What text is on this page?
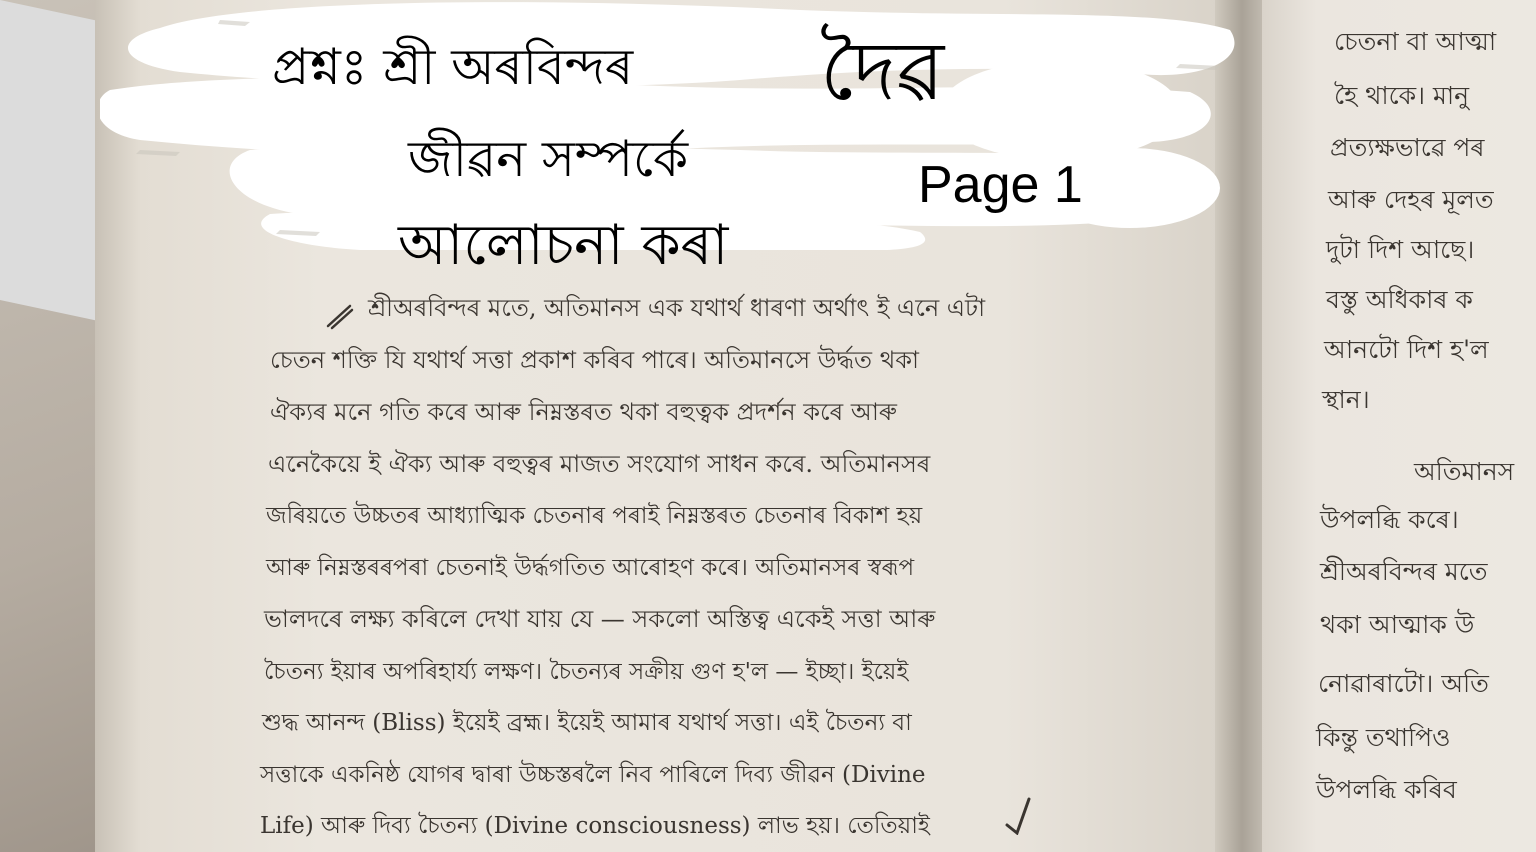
শ্ৰীঅৰবিন্দৰ মতে, অতিমানস এক যথাৰ্থ ধাৰণা অৰ্থাৎ ই এনে এটা

চেতন শক্তি যি যথাৰ্থ সত্তা প্ৰকাশ কৰিব পাৰে। অতিমানসে উৰ্দ্ধত থকা

ঐক্যৰ মনে গতি কৰে আৰু নিম্নস্তৰত থকা বহুত্বক প্ৰদৰ্শন কৰে আৰু

এনেকৈয়ে ই ঐক্য আৰু বহুত্বৰ মাজত সংযোগ সাধন কৰে. অতিমানসৰ

জৰিয়তে উচ্চতৰ আধ্যাত্মিক চেতনাৰ পৰাই নিম্নস্তৰত চেতনাৰ বিকাশ হয়

আৰু নিম্নস্তৰৰপৰা চেতনাই উৰ্দ্ধগতিত আৰোহণ কৰে। অতিমানসৰ স্বৰূপ

ভালদৰে লক্ষ্য কৰিলে দেখা যায় যে — সকলো অস্তিত্ব একেই সত্তা আৰু

চৈতন্য ইয়াৰ অপৰিহাৰ্য্য লক্ষণ। চৈতন্যৰ সক্ৰীয় গুণ হ'ল — ইচ্ছা। ইয়েই

শুদ্ধ আনন্দ (Bliss) ইয়েই ব্ৰহ্ম। ইয়েই আমাৰ যথাৰ্থ সত্তা। এই চৈতন্য বা

সত্তাকে একনিষ্ঠ যোগৰ দ্বাৰা উচ্চস্তৰলৈ নিব পাৰিলে দিব্য জীৱন (Divine

Life) আৰু দিব্য চৈতন্য (Divine consciousness) লাভ হয়। তেতিয়াই

চেতনা বা আত্মা

হৈ থাকে। মানু

প্ৰত্যক্ষভাৱে পৰ

আৰু দেহৰ মূলত

দুটা দিশ আছে।

বস্তু অধিকাৰ ক

আনটো দিশ হ'ল

স্থান।

অতিমানস

উপলব্ধি কৰে।

শ্ৰীঅৰবিন্দৰ মতে

থকা আত্মাক উ

নোৱাৰাটো। অতি

কিন্তু তথাপিও

উপলব্ধি কৰিব

প্ৰশ্নঃ শ্ৰী অৰবিন্দৰ দৈৱ

জীৱন সম্পৰ্কে

আলোচনা কৰা

Page 1
